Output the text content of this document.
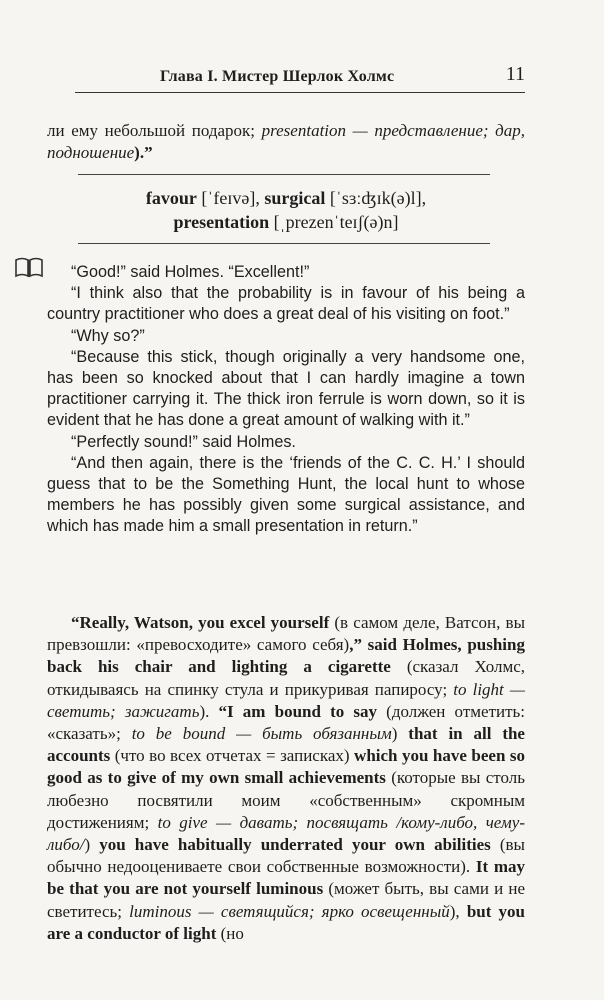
Глава I. Мистер Шерлок Холмс	11

ли ему небольшой подарок; presentation — представление; дар, подношение).”

favour [ˈfeɪvə], surgical [ˈsɜːʤɪk(ə)l],
presentation [ˌprezenˈteɪʃ(ə)n]

“Good!” said Holmes. “Excellent!”

“I think also that the probability is in favour of his being a country practitioner who does a great deal of his visiting on foot.”

“Why so?”

“Because this stick, though originally a very handsome one, has been so knocked about that I can hardly imagine a town practitioner carrying it. The thick iron ferrule is worn down, so it is evident that he has done a great amount of walking with it.”

“Perfectly sound!” said Holmes.

“And then again, there is the ‘friends of the C. C. H.’ I should guess that to be the Something Hunt, the local hunt to whose members he has possibly given some surgical assistance, and which has made him a small presentation in return.”

“Really, Watson, you excel yourself (в самом деле, Ватсон, вы превзошли: «превосходите» самого себя),” said Holmes, pushing back his chair and lighting a cigarette (сказал Холмс, откидываясь на спинку стула и прикуривая папиросу; to light — светить; зажигать). “I am bound to say (должен отметить: «сказать»; to be bound — быть обязанным) that in all the accounts (что во всех отчетах = записках) which you have been so good as to give of my own small achievements (которые вы столь любезно посвятили моим «собственным» скромным достижениям; to give — давать; посвящать /кому-либо, чему-либо/) you have habitually underrated your own abilities (вы обычно недооцениваете свои собственные возможности). It may be that you are not yourself luminous (может быть, вы сами и не светитесь; luminous — светящийся; ярко освещенный), but you are a conductor of light (но
